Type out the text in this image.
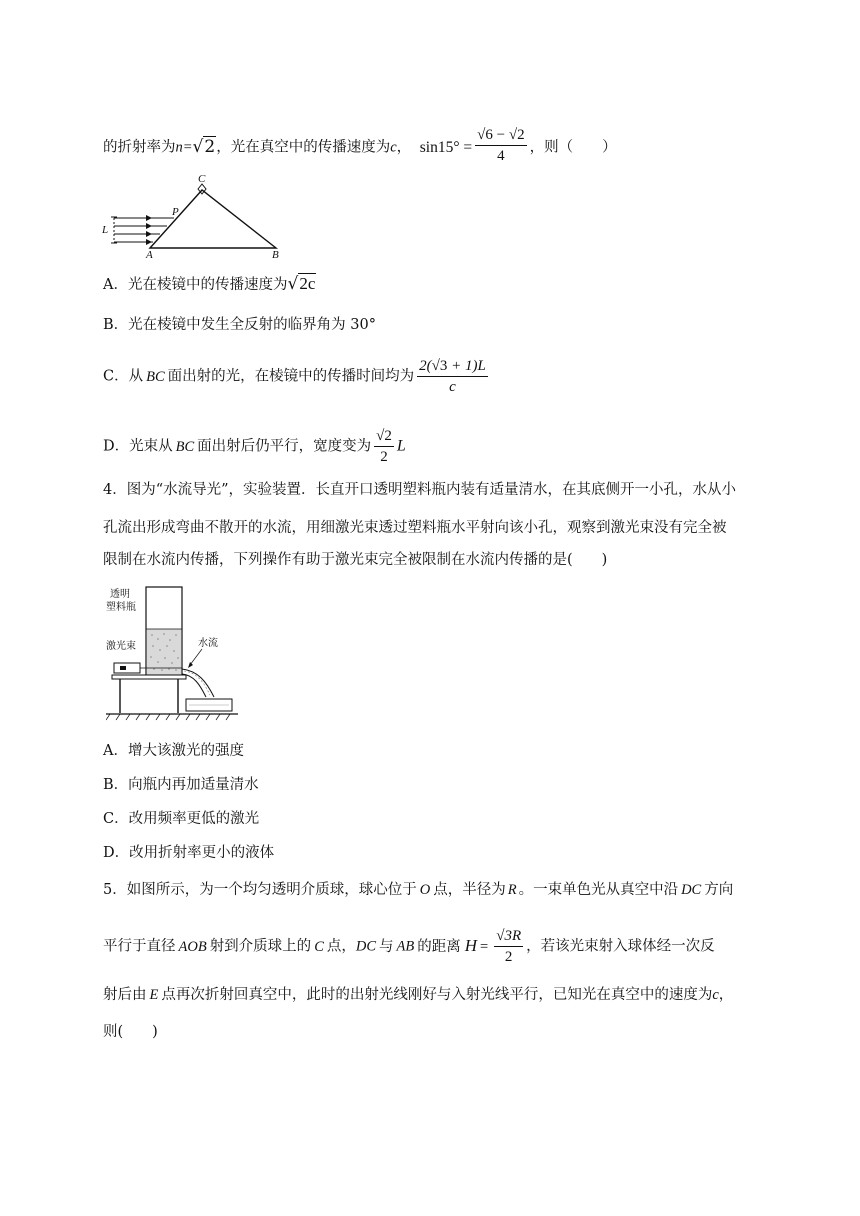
的折射率为n=√2，光在真空中的传播速度为c， $\sin 15^\circ = \frac{√6 - √2}{4}$ ，则（　　）
C
P
L
A	B
A．光在棱镜中的传播速度为√2c
B．光在棱镜中发生全反射的临界角为 30°
C．从 BC 面出射的光，在棱镜中的传播时间均为 $\frac{2(√3 + 1)L}{c}$
D．光束从 BC 面出射后仍平行，宽度变为 $\frac{√2}{2}$ L
4．图为“水流导光”，实验装置．长直开口透明塑料瓶内装有适量清水，在其底侧开一小孔，水从小
孔流出形成弯曲不散开的水流，用细激光束透过塑料瓶水平射向该小孔，观察到激光束没有完全被
限制在水流内传播，下列操作有助于激光束完全被限制在水流内传播的是(　　)
透明
塑料瓶
激光束	水流
A．增大该激光的强度
B．向瓶内再加适量清水
C．改用频率更低的激光
D．改用折射率更小的液体
5．如图所示，为一个均匀透明介质球，球心位于 O 点，半径为 R 。一束单色光从真空中沿 DC 方向
平行于直径 AOB 射到介质球上的 C 点，DC 与 AB 的距离 $H = \frac{√3R}{2}$ ，若该光束射入球体经一次反
射后由 E 点再次折射回真空中，此时的出射光线刚好与入射光线平行，已知光在真空中的速度为c，
则(　　)
